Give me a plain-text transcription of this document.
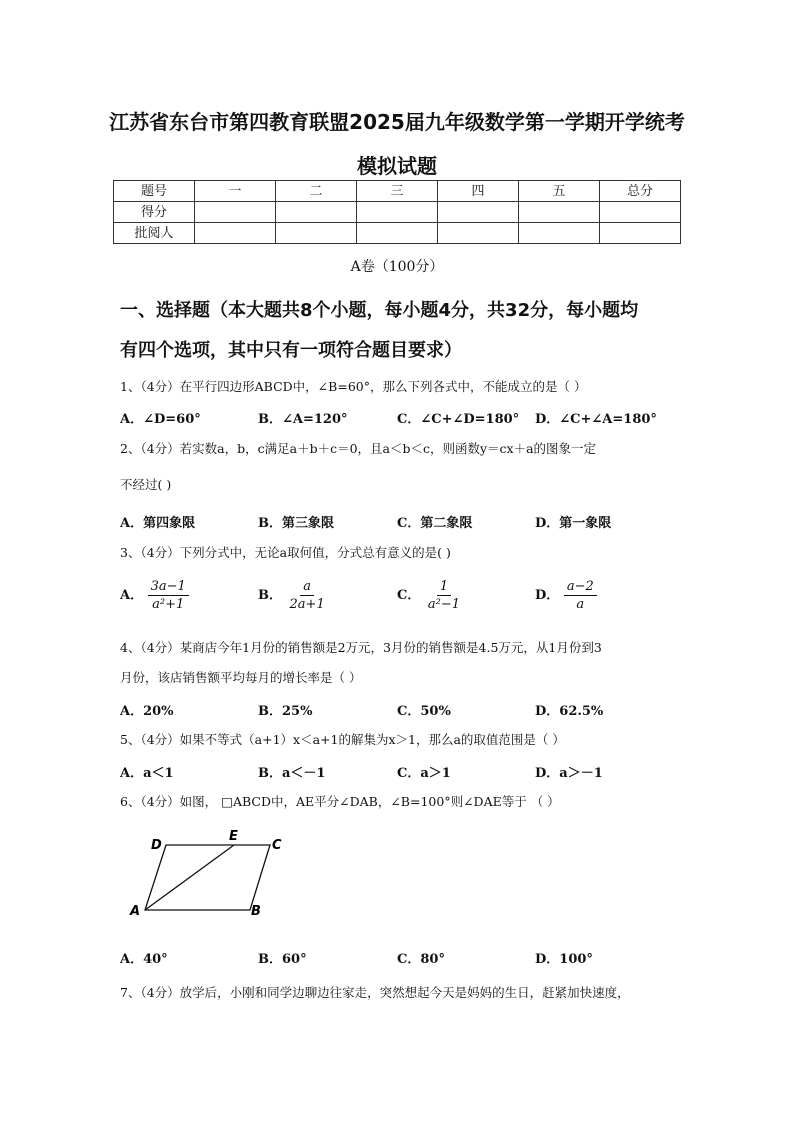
江苏省东台市第四教育联盟2025届九年级数学第一学期开学统考
模拟试题
题号	一	二	三	四	五	总分
得分						
批阅人						
A卷（100分）
一、选择题（本大题共8个小题，每小题4分，共32分，每小题均
有四个选项，其中只有一项符合题目要求）
1、（4分）在平行四边形ABCD中，∠B=60°，那么下列各式中，不能成立的是（ ）
A．∠D=60°	B．∠A=120°	C．∠C+∠D=180° D．∠C+∠A=180°
2、（4分）若实数a，b，c满足a＋b＋c＝0，且a＜b＜c，则函数y＝cx＋a的图象一定
不经过( )
A．第四象限	B．第三象限	C．第二象限	D．第一象限
3、（4分）下列分式中，无论a取何值，分式总有意义的是( )
A． $\frac{3a-1}{\text{a²+1}}$	B． $\frac{a}{2a+1}$	C． $\frac{1}{\text{a²−1}}$	D． $\frac{a-2}{a}$
4、（4分）某商店今年1月份的销售额是2万元，3月份的销售额是4.5万元，从1月份到3
月份，该店销售额平均每月的增长率是（ ）
A．20%	B．25%	C．50%	D．62.5%
5、（4分）如果不等式（a+1）x＜a+1的解集为x＞1，那么a的取值范围是（ ）
A．a＜1	B．a＜－1	C．a＞1	D．a＞－1
6、（4分）如图， □ABCD中，AE平分∠DAB，∠B=100°则∠DAE等于 （ ）
A	B
C
D
E
A．40°	B．60°	C．80°	D．100°
7、（4分）放学后，小刚和同学边聊边往家走，突然想起今天是妈妈的生日，赶紧加快速度，
